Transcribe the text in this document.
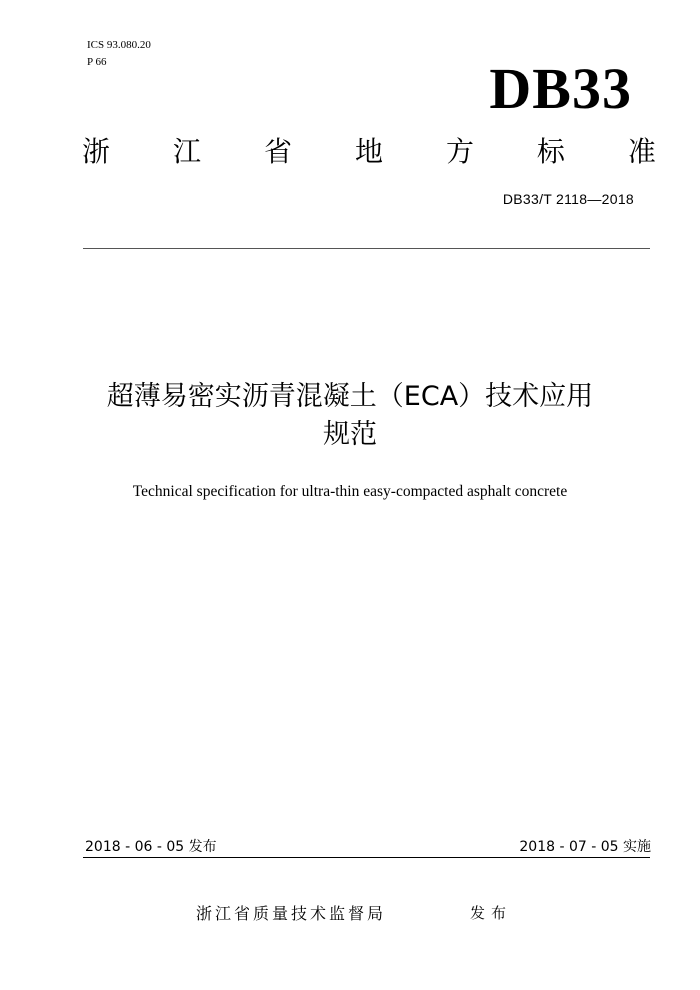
ICS 93.080.20
P 66	DB33
浙 江 省 地 方 标 准
DB33/T 2118—2018
超薄易密实沥青混凝土（ECA）技术应用
规范
Technical specification for ultra-thin easy-compacted asphalt concrete
2018 - 06 - 05 发布	2018 - 07 - 05 实施
浙江省质量技术监督局	发布
